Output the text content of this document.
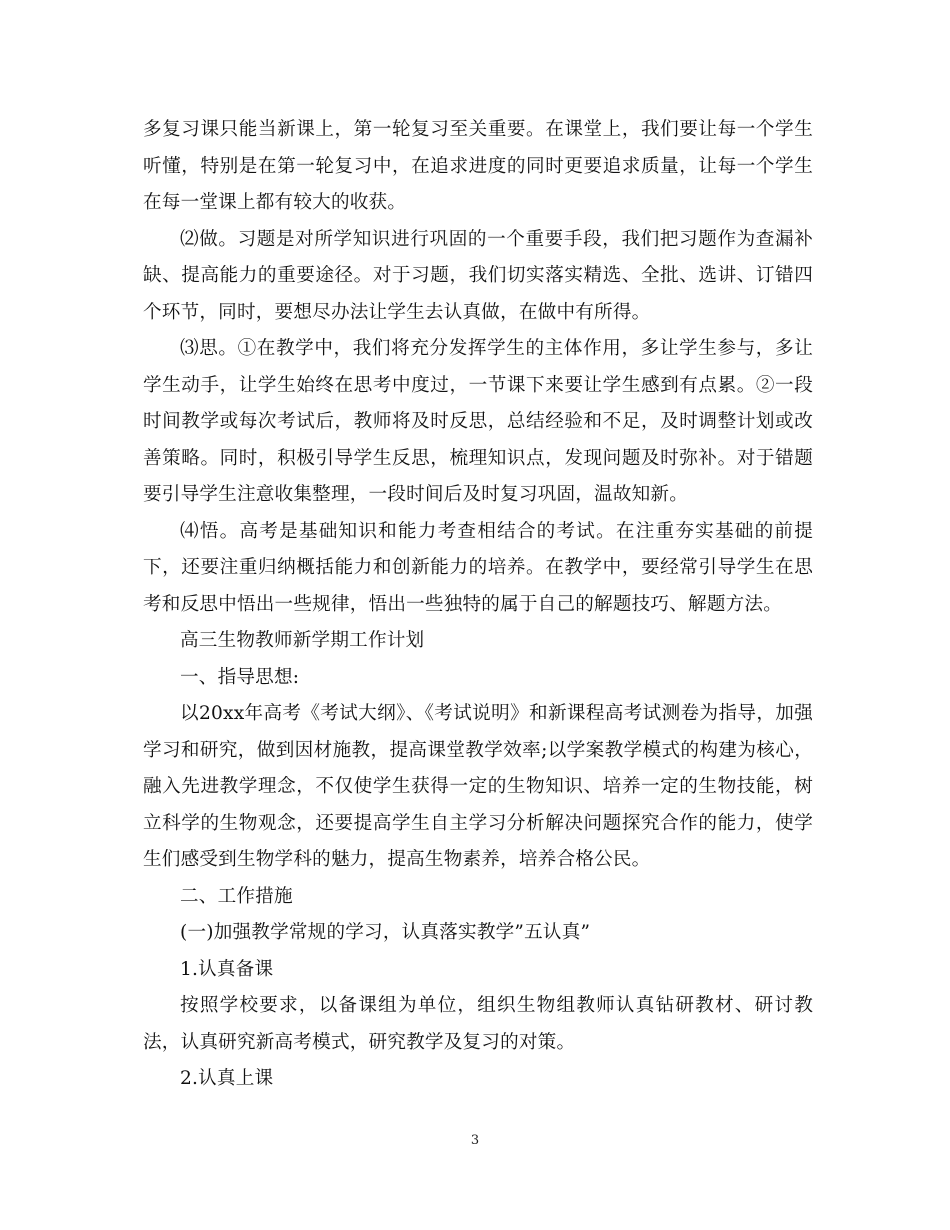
多复习课只能当新课上，第一轮复习至关重要。在课堂上，我们要让每一个学生听懂，特别是在第一轮复习中，在追求进度的同时更要追求质量，让每一个学生在每一堂课上都有较大的收获。

⑵做。习题是对所学知识进行巩固的一个重要手段，我们把习题作为查漏补缺、提高能力的重要途径。对于习题，我们切实落实精选、全批、选讲、订错四个环节，同时，要想尽办法让学生去认真做，在做中有所得。

⑶思。①在教学中，我们将充分发挥学生的主体作用，多让学生参与，多让学生动手，让学生始终在思考中度过，一节课下来要让学生感到有点累。②一段时间教学或每次考试后，教师将及时反思，总结经验和不足，及时调整计划或改善策略。同时，积极引导学生反思，梳理知识点，发现问题及时弥补。对于错题要引导学生注意收集整理，一段时间后及时复习巩固，温故知新。

⑷悟。高考是基础知识和能力考查相结合的考试。在注重夯实基础的前提下，还要注重归纳概括能力和创新能力的培养。在教学中，要经常引导学生在思考和反思中悟出一些规律，悟出一些独特的属于自己的解题技巧、解题方法。

高三生物教师新学期工作计划

一、指导思想:

以20xx年高考《考试大纲》、《考试说明》和新课程高考试测卷为指导，加强学习和研究，做到因材施教，提高课堂教学效率;以学案教学模式的构建为核心，融入先进教学理念，不仅使学生获得一定的生物知识、培养一定的生物技能，树立科学的生物观念，还要提高学生自主学习分析解决问题探究合作的能力，使学生们感受到生物学科的魅力，提高生物素养，培养合格公民。

二、工作措施

(一)加强教学常规的学习，认真落实教学”五认真”

1.认真备课

按照学校要求，以备课组为单位，组织生物组教师认真钻研教材、研讨教法，认真研究新高考模式，研究教学及复习的对策。

2.认真上课

3
